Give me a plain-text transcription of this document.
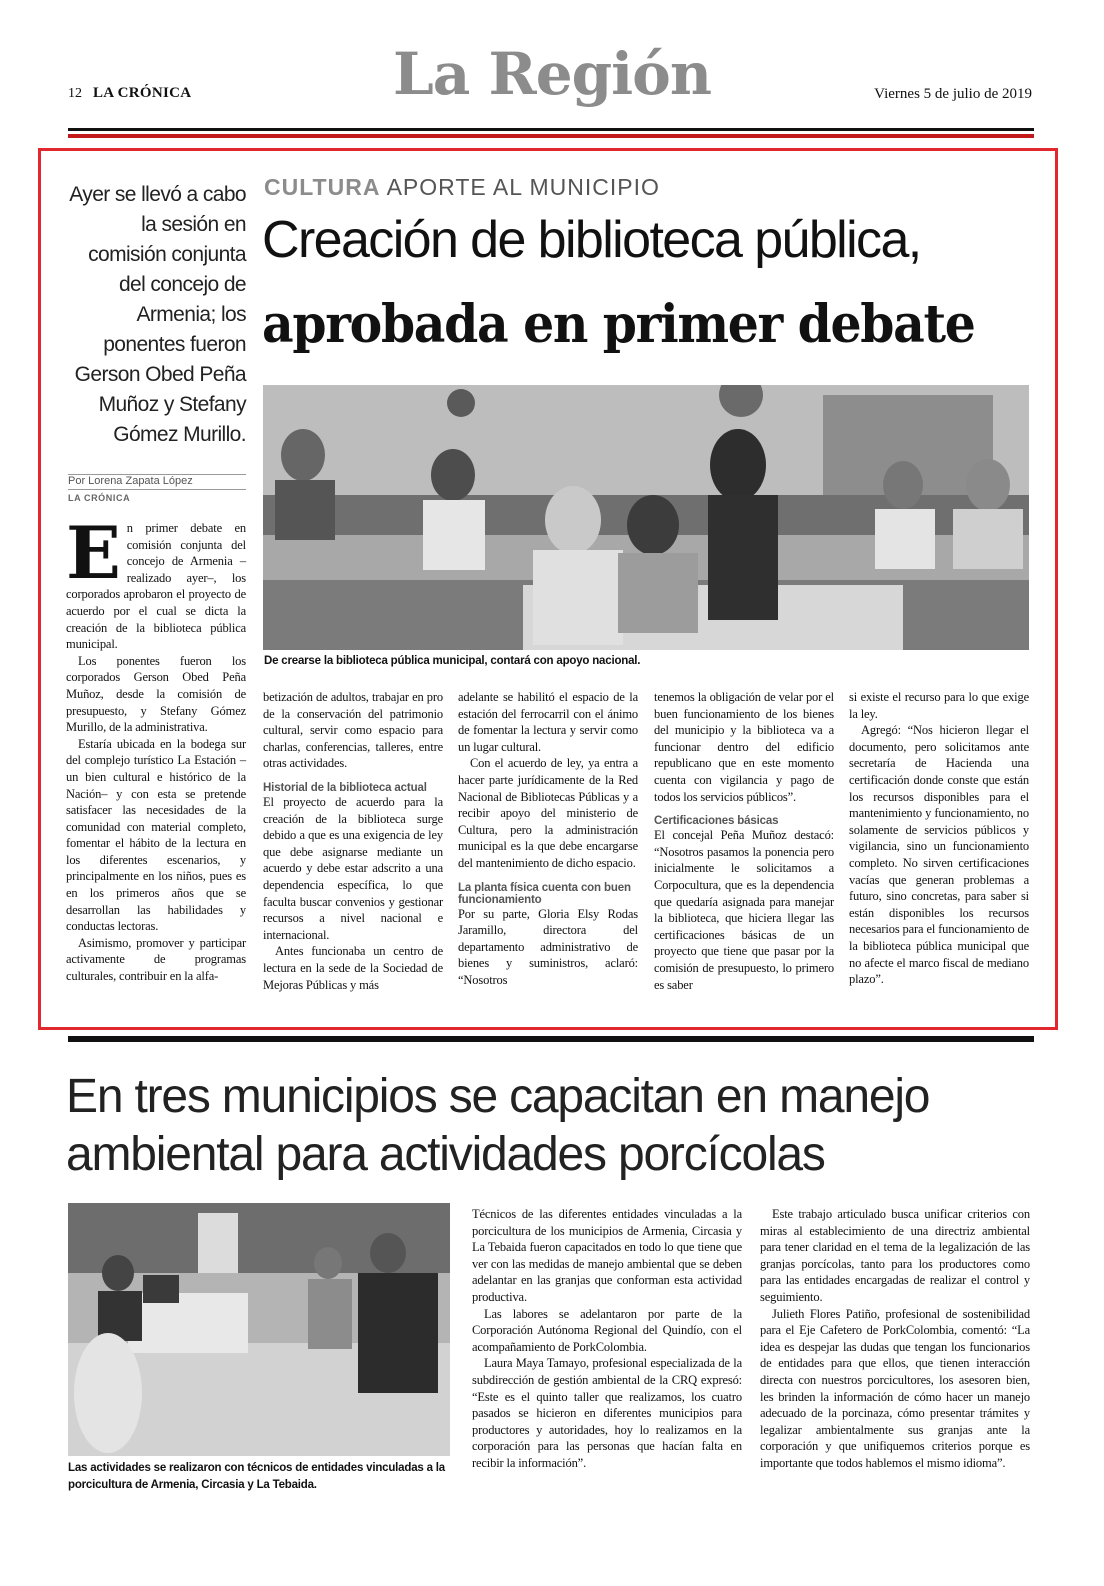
12 LA CRÓNICA	La Región	Viernes 5 de julio de 2019
Ayer se llevó a cabo la sesión en comisión conjunta del concejo de Armenia; los ponentes fueron Gerson Obed Peña Muñoz y Stefany Gómez Murillo.
Por Lorena Zapata López
LA CRÓNICA
CULTURA APORTE AL MUNICIPIO
Creación de biblioteca pública,
aprobada en primer debate
De crearse la biblioteca pública municipal, contará con apoyo nacional.
E n primer debate en comisión conjunta del concejo de Armenia –realizado ayer–, los corporados aprobaron el proyecto de acuerdo por el cual se dicta la creación de la biblioteca pública municipal.

Los ponentes fueron los corporados Gerson Obed Peña Muñoz, desde la comisión de presupuesto, y Stefany Gómez Murillo, de la administrativa.

Estaría ubicada en la bodega sur del complejo turístico La Estación –un bien cultural e histórico de la Nación– y con esta se pretende satisfacer las necesidades de la comunidad con material completo, fomentar el hábito de la lectura en los diferentes escenarios, y principalmente en los niños, pues es en los primeros años que se desarrollan las habilidades y conductas lectoras.

Asimismo, promover y participar activamente de programas culturales, contribuir en la alfa-

betización de adultos, trabajar en pro de la conservación del patrimonio cultural, servir como espacio para charlas, conferencias, talleres, entre otras actividades.

Historial de la biblioteca actual

El proyecto de acuerdo para la creación de la biblioteca surge debido a que es una exigencia de ley que debe asignarse mediante un acuerdo y debe estar adscrito a una dependencia específica, lo que faculta buscar convenios y gestionar recursos a nivel nacional e internacional.

Antes funcionaba un centro de lectura en la sede de la Sociedad de Mejoras Públicas y más

adelante se habilitó el espacio de la estación del ferrocarril con el ánimo de fomentar la lectura y servir como un lugar cultural.

Con el acuerdo de ley, ya entra a hacer parte jurídicamente de la Red Nacional de Bibliotecas Públicas y a recibir apoyo del ministerio de Cultura, pero la administración municipal es la que debe encargarse del mantenimiento de dicho espacio.

La planta física cuenta con buen funcionamiento

Por su parte, Gloria Elsy Rodas Jaramillo, directora del departamento administrativo de bienes y suministros, aclaró: “Nosotros

tenemos la obligación de velar por el buen funcionamiento de los bienes del municipio y la biblioteca va a funcionar dentro del edificio republicano que en este momento cuenta con vigilancia y pago de todos los servicios públicos”.

Certificaciones básicas

El concejal Peña Muñoz destacó: “Nosotros pasamos la ponencia pero inicialmente le solicitamos a Corpocultura, que es la dependencia que quedaría asignada para manejar la biblioteca, que hiciera llegar las certificaciones básicas de un proyecto que tiene que pasar por la comisión de presupuesto, lo primero es saber

si existe el recurso para lo que exige la ley.

Agregó: “Nos hicieron llegar el documento, pero solicitamos ante secretaría de Hacienda una certificación donde conste que están los recursos disponibles para el mantenimiento y funcionamiento, no solamente de servicios públicos y vigilancia, sino un funcionamiento completo. No sirven certificaciones vacías que generan problemas a futuro, sino concretas, para saber si están disponibles los recursos necesarios para el funcionamiento de la biblioteca pública municipal que no afecte el marco fiscal de mediano plazo”.

En tres municipios se capacitan en manejo
ambiental para actividades porcícolas
Las actividades se realizaron con técnicos de entidades vinculadas a la porcicultura de Armenia, Circasia y La Tebaida.

Técnicos de las diferentes entidades vinculadas a la porcicultura de los municipios de Armenia, Circasia y La Tebaida fueron capacitados en todo lo que tiene que ver con las medidas de manejo ambiental que se deben adelantar en las granjas que conforman esta actividad productiva.

Las labores se adelantaron por parte de la Corporación Autónoma Regional del Quindío, con el acompañamiento de PorkColombia.

Laura Maya Tamayo, profesional especializada de la subdirección de gestión ambiental de la CRQ expresó: “Este es el quinto taller que realizamos, los cuatro pasados se hicieron en diferentes municipios para productores y autoridades, hoy lo realizamos en la corporación para las personas que hacían falta en recibir la información”.

Este trabajo articulado busca unificar criterios con miras al establecimiento de una directriz ambiental para tener claridad en el tema de la legalización de las granjas porcícolas, tanto para los productores como para las entidades encargadas de realizar el control y seguimiento.

Julieth Flores Patiño, profesional de sostenibilidad para el Eje Cafetero de PorkColombia, comentó: “La idea es despejar las dudas que tengan los funcionarios de entidades para que ellos, que tienen interacción directa con nuestros porcicultores, los asesoren bien, les brinden la información de cómo hacer un manejo adecuado de la porcinaza, cómo presentar trámites y legalizar ambientalmente sus granjas ante la corporación y que unifiquemos criterios porque es importante que todos hablemos el mismo idioma”.
